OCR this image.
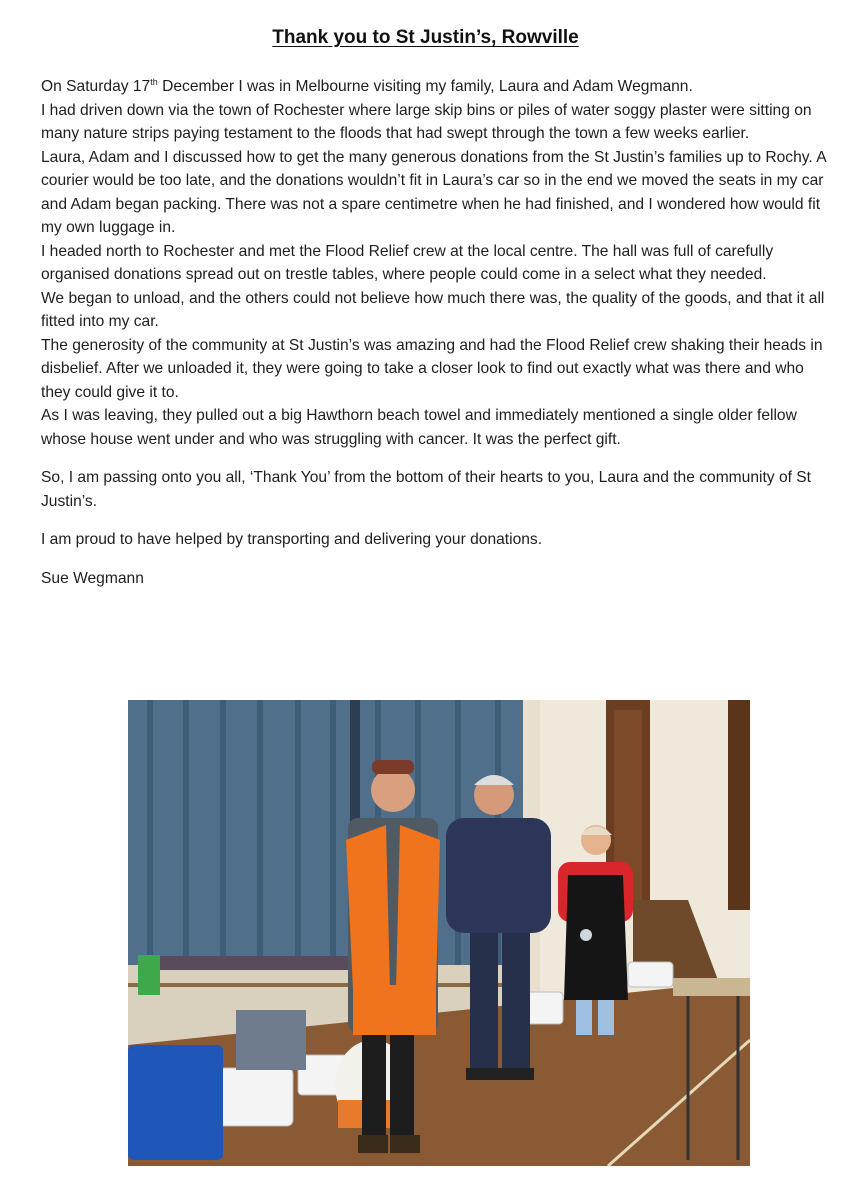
Thank you to St Justin’s, Rowville

On Saturday 17th December I was in Melbourne visiting my family, Laura and Adam Wegmann.

I had driven down via the town of Rochester where large skip bins or piles of water soggy plaster were sitting on many nature strips paying testament to the floods that had swept through the town a few weeks earlier.

Laura, Adam and I discussed how to get the many generous donations from the St Justin’s families up to Rochy. A courier would be too late, and the donations wouldn’t fit in Laura’s car so in the end we moved the seats in my car and Adam began packing. There was not a spare centimetre when he had finished, and I wondered how would fit my own luggage in.

I headed north to Rochester and met the Flood Relief crew at the local centre. The hall was full of carefully organised donations spread out on trestle tables, where people could come in a select what they needed.

We began to unload, and the others could not believe how much there was, the quality of the goods, and that it all fitted into my car.

The generosity of the community at St Justin’s was amazing and had the Flood Relief crew shaking their heads in disbelief. After we unloaded it, they were going to take a closer look to find out exactly what was there and who they could give it to.

As I was leaving, they pulled out a big Hawthorn beach towel and immediately mentioned a single older fellow whose house went under and who was struggling with cancer. It was the perfect gift.

So, I am passing onto you all, ‘Thank You’ from the bottom of their hearts to you, Laura and the community of St Justin’s.

I am proud to have helped by transporting and delivering your donations.

Sue Wegmann
